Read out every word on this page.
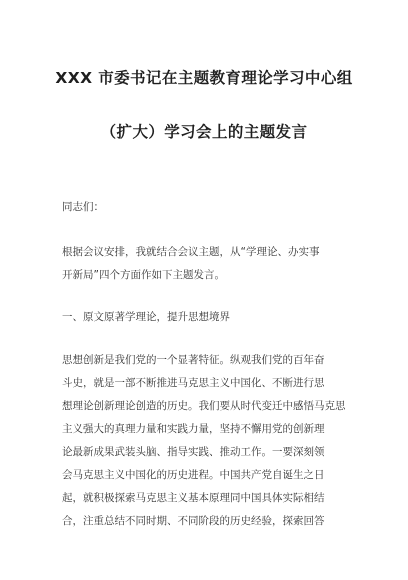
XXX 市委书记在主题教育理论学习中心组
（扩大）学习会上的主题发言
同志们：
根据会议安排，我就结合会议主题，从“学理论、办实事
开新局”四个方面作如下主题发言。
一、原文原著学理论，提升思想境界
思想创新是我们党的一个显著特征。纵观我们党的百年奋
斗史，就是一部不断推进马克思主义中国化、不断进行思
想理论创新理论创造的历史。我们要从时代变迁中感悟马克思
主义强大的真理力量和实践力量，坚持不懈用党的创新理
论最新成果武装头脑、指导实践、推动工作。一要深刻领
会马克思主义中国化的历史进程。中国共产党自诞生之日
起，就积极探索马克思主义基本原理同中国具体实际相结
合，注重总结不同时期、不同阶段的历史经验，探索回答
